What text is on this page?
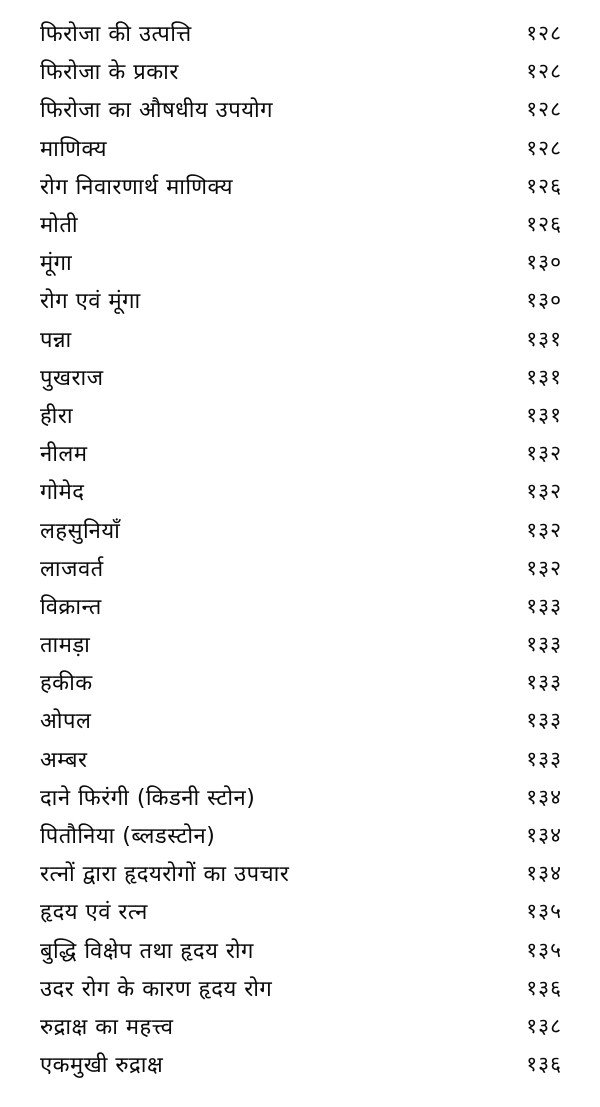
फिरोजा की उत्पत्ति	१२८
फिरोजा के प्रकार	१२८
फिरोजा का औषधीय उपयोग	१२८
माणिक्य	१२८
रोग निवारणार्थ माणिक्य	१२६
मोती	१२६
मूंगा	१३०
रोग एवं मूंगा	१३०
पन्ना	१३१
पुखराज	१३१
हीरा	१३१
नीलम	१३२
गोमेद	१३२
लहसुनियाँ	१३२
लाजवर्त	१३२
विक्रान्त	१३३
तामड़ा	१३३
हकीक	१३३
ओपल	१३३
अम्बर	१३३
दाने फिरंगी (किडनी स्टोन)	१३४
पितौनिया (ब्लडस्टोन)	१३४
रत्नों द्वारा हृदयरोगों का उपचार	१३४
हृदय एवं रत्न	१३५
बुद्धि विक्षेप तथा हृदय रोग	१३५
उदर रोग के कारण हृदय रोग	१३६
रुद्राक्ष का महत्त्व	१३८
एकमुखी रुद्राक्ष	१३६
